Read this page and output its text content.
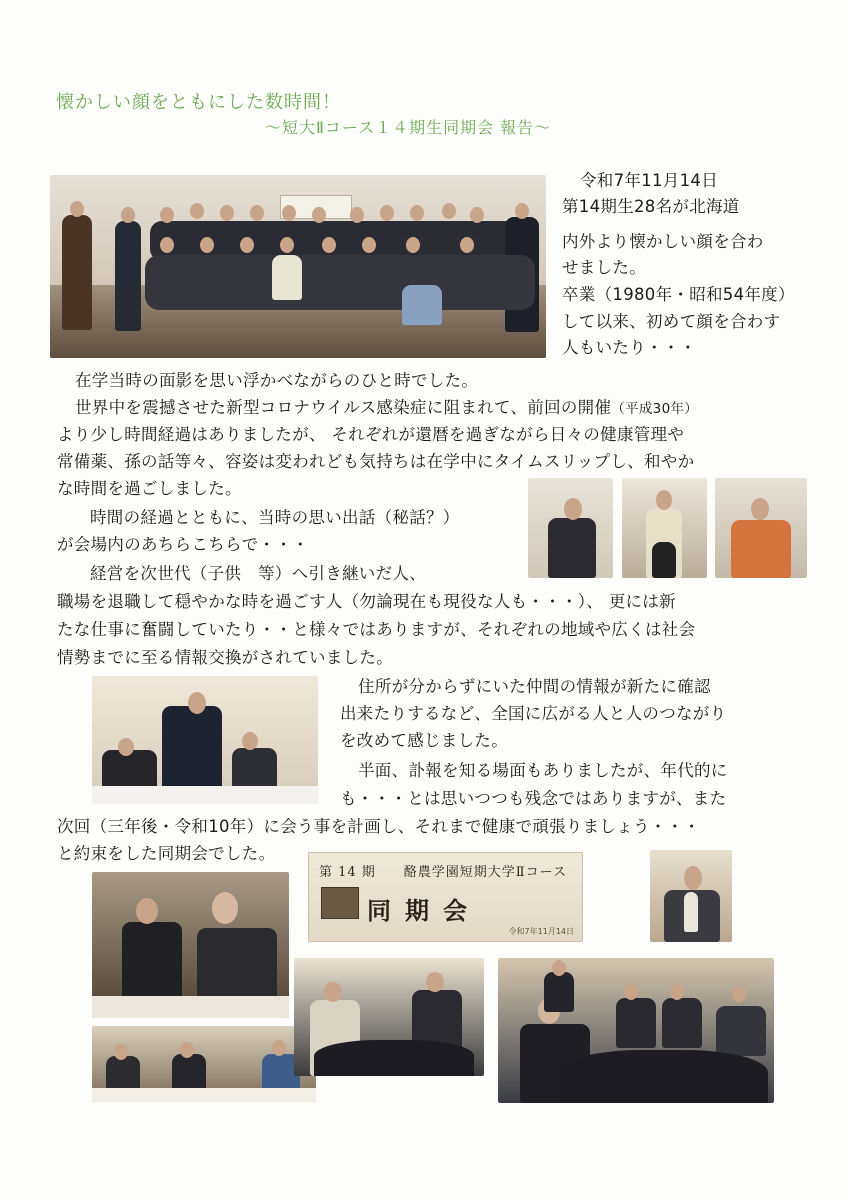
懐かしい顔をともにした数時間！
～短大Ⅱコース１４期生同期会 報告～
令和7年11月14日
第14期生28名が北海道
内外より懐かしい顔を合わ
せました。
卒業（1980年・昭和54年度）
して以来、初めて顔を合わす
人もいたり・・・
在学当時の面影を思い浮かべながらのひと時でした。
世界中を震撼させた新型コロナウイルス感染症に阻まれて、前回の開催（平成30年）
より少し時間経過はありましたが、 それぞれが還暦を過ぎながら日々の健康管理や
常備薬、孫の話等々、容姿は変われども気持ちは在学中にタイムスリップし、和やか
な時間を過ごしました。
時間の経過とともに、当時の思い出話（秘話？）
が会場内のあちらこちらで・・・
経営を次世代（子供　等）へ引き継いだ人、
職場を退職して穏やかな時を過ごす人（勿論現在も現役な人も・・・）、 更には新
たな仕事に奮闘していたり・・と様々ではありますが、それぞれの地域や広くは社会
情勢までに至る情報交換がされていました。
住所が分からずにいた仲間の情報が新たに確認
出来たりするなど、全国に広がる人と人のつながり
を改めて感じました。
半面、訃報を知る場面もありましたが、年代的に
も・・・とは思いつつも残念ではありますが、また
次回（三年後・令和10年）に会う事を計画し、それまで健康で頑張りましょう・・・
と約束をした同期会でした。
第 14 期　　酪農学園短期大学Ⅱコース
同期会
令和7年11月14日
